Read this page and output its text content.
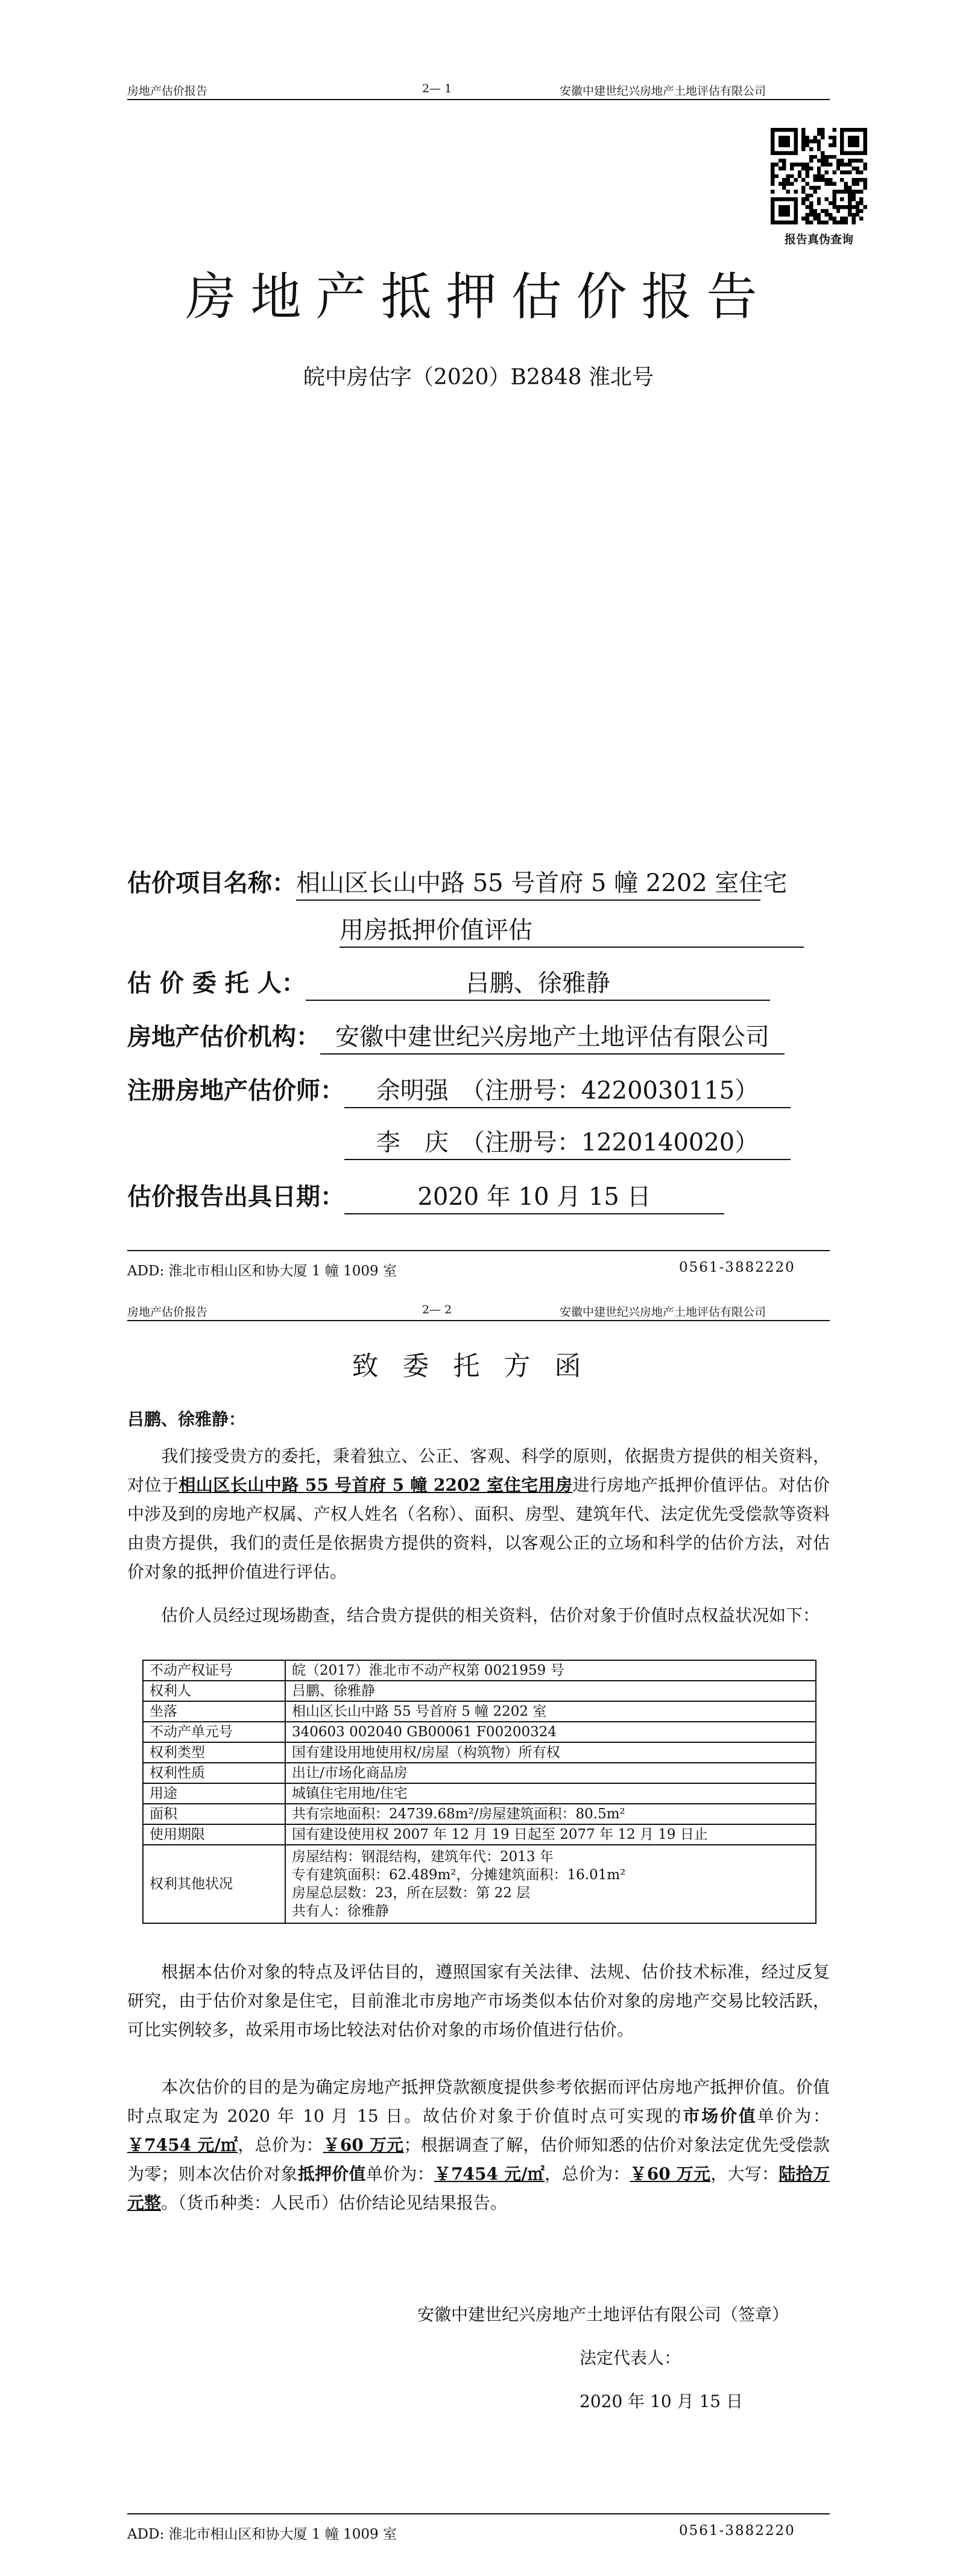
房地产估价报告	2— 1	安徽中建世纪兴房地产土地评估有限公司
报告真伪查询
房地产抵押估价报告
皖中房估字（2020）B2848 淮北号
估价项目名称：相山区长山中路 55 号首府 5 幢 2202 室住宅
用房抵押价值评估
估 价 委 托 人：	吕鹏、徐雅静
房地产估价机构： 安徽中建世纪兴房地产土地评估有限公司
注册房地产估价师： 余明强　（注册号：4220030115）
李　庆　（注册号：1220140020）
估价报告出具日期：	2020 年 10 月 15 日
ADD: 淮北市相山区和协大厦 1 幢 1009 室	0561-3882220
房地产估价报告	2— 2	安徽中建世纪兴房地产土地评估有限公司
致委托方函
吕鹏、徐雅静：
我们接受贵方的委托，秉着独立、公正、客观、科学的原则，依据贵方提供的相关资料，对位于相山区长山中路 55 号首府 5 幢 2202 室住宅用房进行房地产抵押价值评估。对估价中涉及到的房地产权属、产权人姓名（名称）、面积、房型、建筑年代、法定优先受偿款等资料由贵方提供，我们的责任是依据贵方提供的资料，以客观公正的立场和科学的估价方法，对估价对象的抵押价值进行评估。
估价人员经过现场勘查，结合贵方提供的相关资料，估价对象于价值时点权益状况如下：
不动产权证号	皖（2017）淮北市不动产权第 0021959 号
权利人	吕鹏、徐雅静
坐落	相山区长山中路 55 号首府 5 幢 2202 室
不动产单元号	340603 002040 GB00061 F00200324
权利类型	国有建设用地使用权/房屋（构筑物）所有权
权利性质	出让/市场化商品房
用途	城镇住宅用地/住宅
面积	共有宗地面积：24739.68m²/房屋建筑面积：80.5m²
使用期限	国有建设使用权 2007 年 12 月 19 日起至 2077 年 12 月 19 日止
权利其他状况	房屋结构：钢混结构，建筑年代：2013 年
专有建筑面积：62.489m²，分摊建筑面积：16.01m²
房屋总层数：23，所在层数：第 22 层
共有人：徐雅静
根据本估价对象的特点及评估目的，遵照国家有关法律、法规、估价技术标准，经过反复研究，由于估价对象是住宅，目前淮北市房地产市场类似本估价对象的房地产交易比较活跃，可比实例较多，故采用市场比较法对估价对象的市场价值进行估价。
本次估价的目的是为确定房地产抵押贷款额度提供参考依据而评估房地产抵押价值。价值时点取定为 2020 年 10 月 15 日。故估价对象于价值时点可实现的市场价值单价为：￥7454 元/㎡，总价为：￥60 万元；根据调查了解，估价师知悉的估价对象法定优先受偿款为零；则本次估价对象抵押价值单价为：￥7454 元/㎡，总价为：￥60 万元，大写：陆拾万元整。（货币种类：人民币）估价结论见结果报告。
安徽中建世纪兴房地产土地评估有限公司（签章）
法定代表人：
2020 年 10 月 15 日
ADD: 淮北市相山区和协大厦 1 幢 1009 室	0561-3882220
